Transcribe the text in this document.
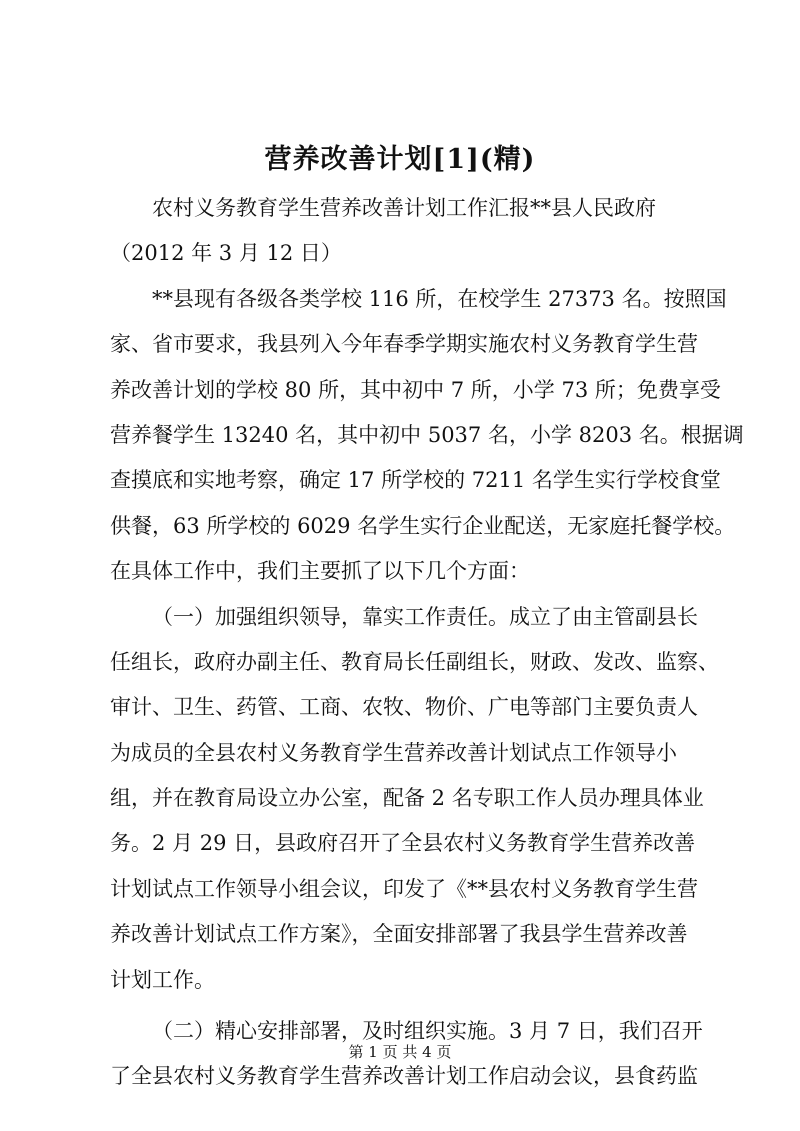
营养改善计划[1](精)
农村义务教育学生营养改善计划工作汇报**县人民政府
（2012 年 3 月 12 日）
**县现有各级各类学校 116 所，在校学生 27373 名。按照国
家、省市要求，我县列入今年春季学期实施农村义务教育学生营
养改善计划的学校 80 所，其中初中 7 所，小学 73 所；免费享受
营养餐学生 13240 名，其中初中 5037 名，小学 8203 名。根据调
查摸底和实地考察，确定 17 所学校的 7211 名学生实行学校食堂
供餐，63 所学校的 6029 名学生实行企业配送，无家庭托餐学校。
在具体工作中，我们主要抓了以下几个方面：
（一）加强组织领导，靠实工作责任。成立了由主管副县长
任组长，政府办副主任、教育局长任副组长，财政、发改、监察、
审计、卫生、药管、工商、农牧、物价、广电等部门主要负责人
为成员的全县农村义务教育学生营养改善计划试点工作领导小
组，并在教育局设立办公室，配备 2 名专职工作人员办理具体业
务。2 月 29 日，县政府召开了全县农村义务教育学生营养改善
计划试点工作领导小组会议，印发了《**县农村义务教育学生营
养改善计划试点工作方案》，全面安排部署了我县学生营养改善
计划工作。
（二）精心安排部署，及时组织实施。3 月 7 日，我们召开
了全县农村义务教育学生营养改善计划工作启动会议，县食药监
第 1 页 共 4 页
